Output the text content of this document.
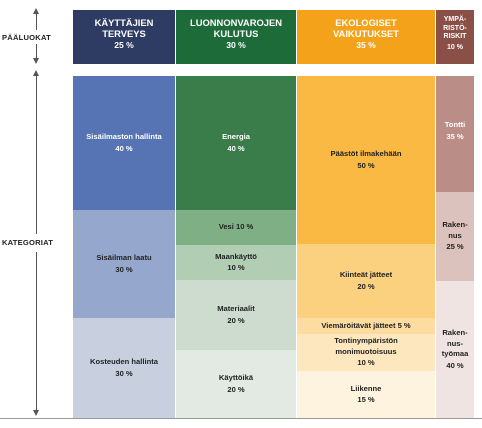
PÄÄLUOKAT
KATEGORIAT
KÄYTTÄJIEN
TERVEYS
25 %
LUONNONVAROJEN
KULUTUS
30 %
EKOLOGISET
VAIKUTUKSET
35 %
YMPÄ-
RISTÖ-
RISKIT
10 %
Sisäilmaston hallinta
40 %
Sisäilman laatu
30 %
Kosteuden hallinta
30 %
Energia
40 %
Vesi 10 %
Maankäyttö
10 %
Materiaalit
20 %
Käyttöikä
20 %
Päästöt ilmakehään
50 %
Kiinteät jätteet
20 %
Viemäröitävät jätteet 5 %
Tontinympäristön
monimuotoisuus
10 %
Liikenne
15 %
Tontti
35 %
Raken-
nus
25 %
Raken-
nus-
työmaa
40 %
